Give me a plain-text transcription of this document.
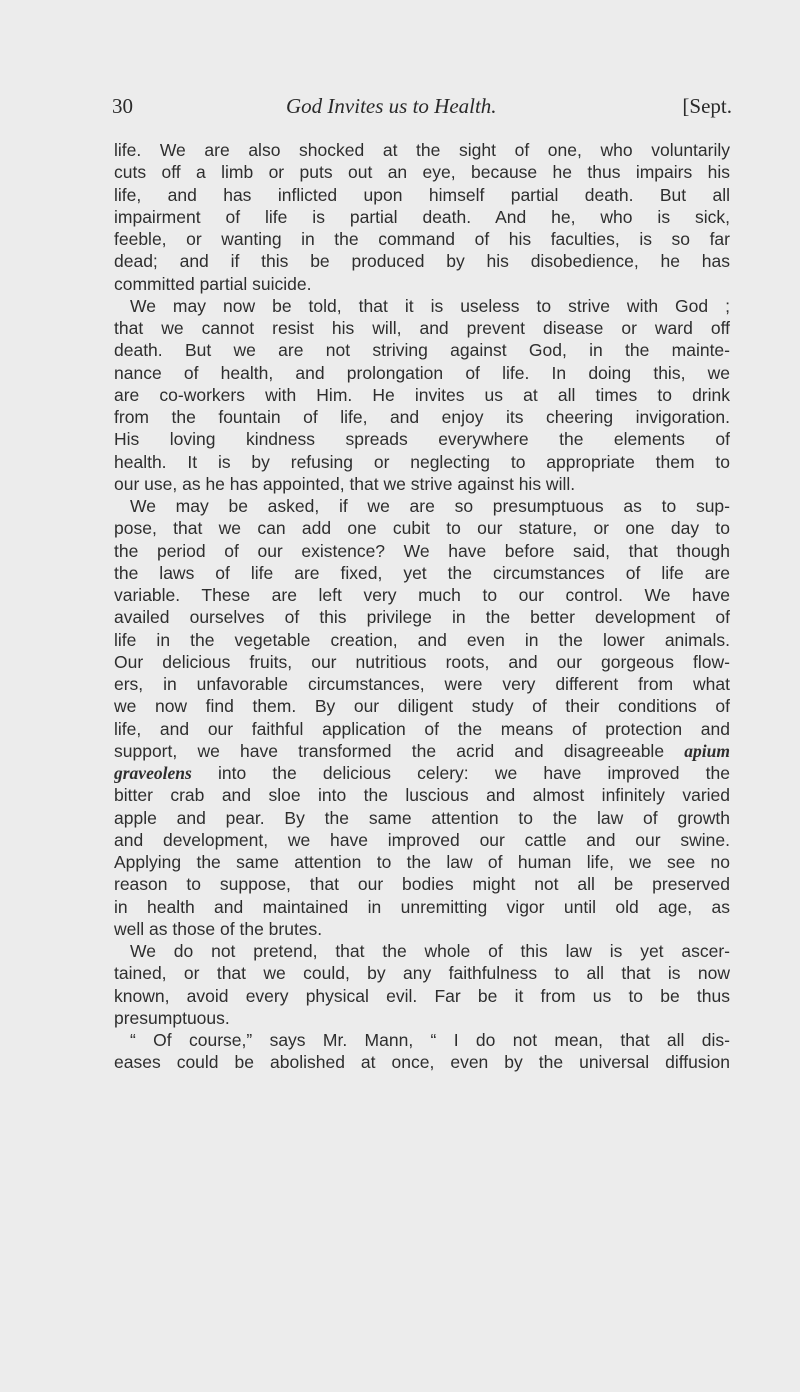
30	God Invites us to Health.	[Sept.
life. We are also shocked at the sight of one, who voluntarily
cuts off a limb or puts out an eye, because he thus impairs his
life, and has inflicted upon himself partial death. But all
impairment of life is partial death. And he, who is sick,
feeble, or wanting in the command of his faculties, is so far
dead; and if this be produced by his disobedience, he has
committed partial suicide.
We may now be told, that it is useless to strive with God ;
that we cannot resist his will, and prevent disease or ward off
death. But we are not striving against God, in the mainte-
nance of health, and prolongation of life. In doing this, we
are co-workers with Him. He invites us at all times to drink
from the fountain of life, and enjoy its cheering invigoration.
His loving kindness spreads everywhere the elements of
health. It is by refusing or neglecting to appropriate them to
our use, as he has appointed, that we strive against his will.
We may be asked, if we are so presumptuous as to sup-
pose, that we can add one cubit to our stature, or one day to
the period of our existence? We have before said, that though
the laws of life are fixed, yet the circumstances of life are
variable. These are left very much to our control. We have
availed ourselves of this privilege in the better development of
life in the vegetable creation, and even in the lower animals.
Our delicious fruits, our nutritious roots, and our gorgeous flow-
ers, in unfavorable circumstances, were very different from what
we now find them. By our diligent study of their conditions of
life, and our faithful application of the means of protection and
support, we have transformed the acrid and disagreeable apium
graveolens into the delicious celery: we have improved the
bitter crab and sloe into the luscious and almost infinitely varied
apple and pear. By the same attention to the law of growth
and development, we have improved our cattle and our swine.
Applying the same attention to the law of human life, we see no
reason to suppose, that our bodies might not all be preserved
in health and maintained in unremitting vigor until old age, as
well as those of the brutes.
We do not pretend, that the whole of this law is yet ascer-
tained, or that we could, by any faithfulness to all that is now
known, avoid every physical evil. Far be it from us to be thus
presumptuous.
“ Of course,” says Mr. Mann, “ I do not mean, that all dis-
eases could be abolished at once, even by the universal diffusion
